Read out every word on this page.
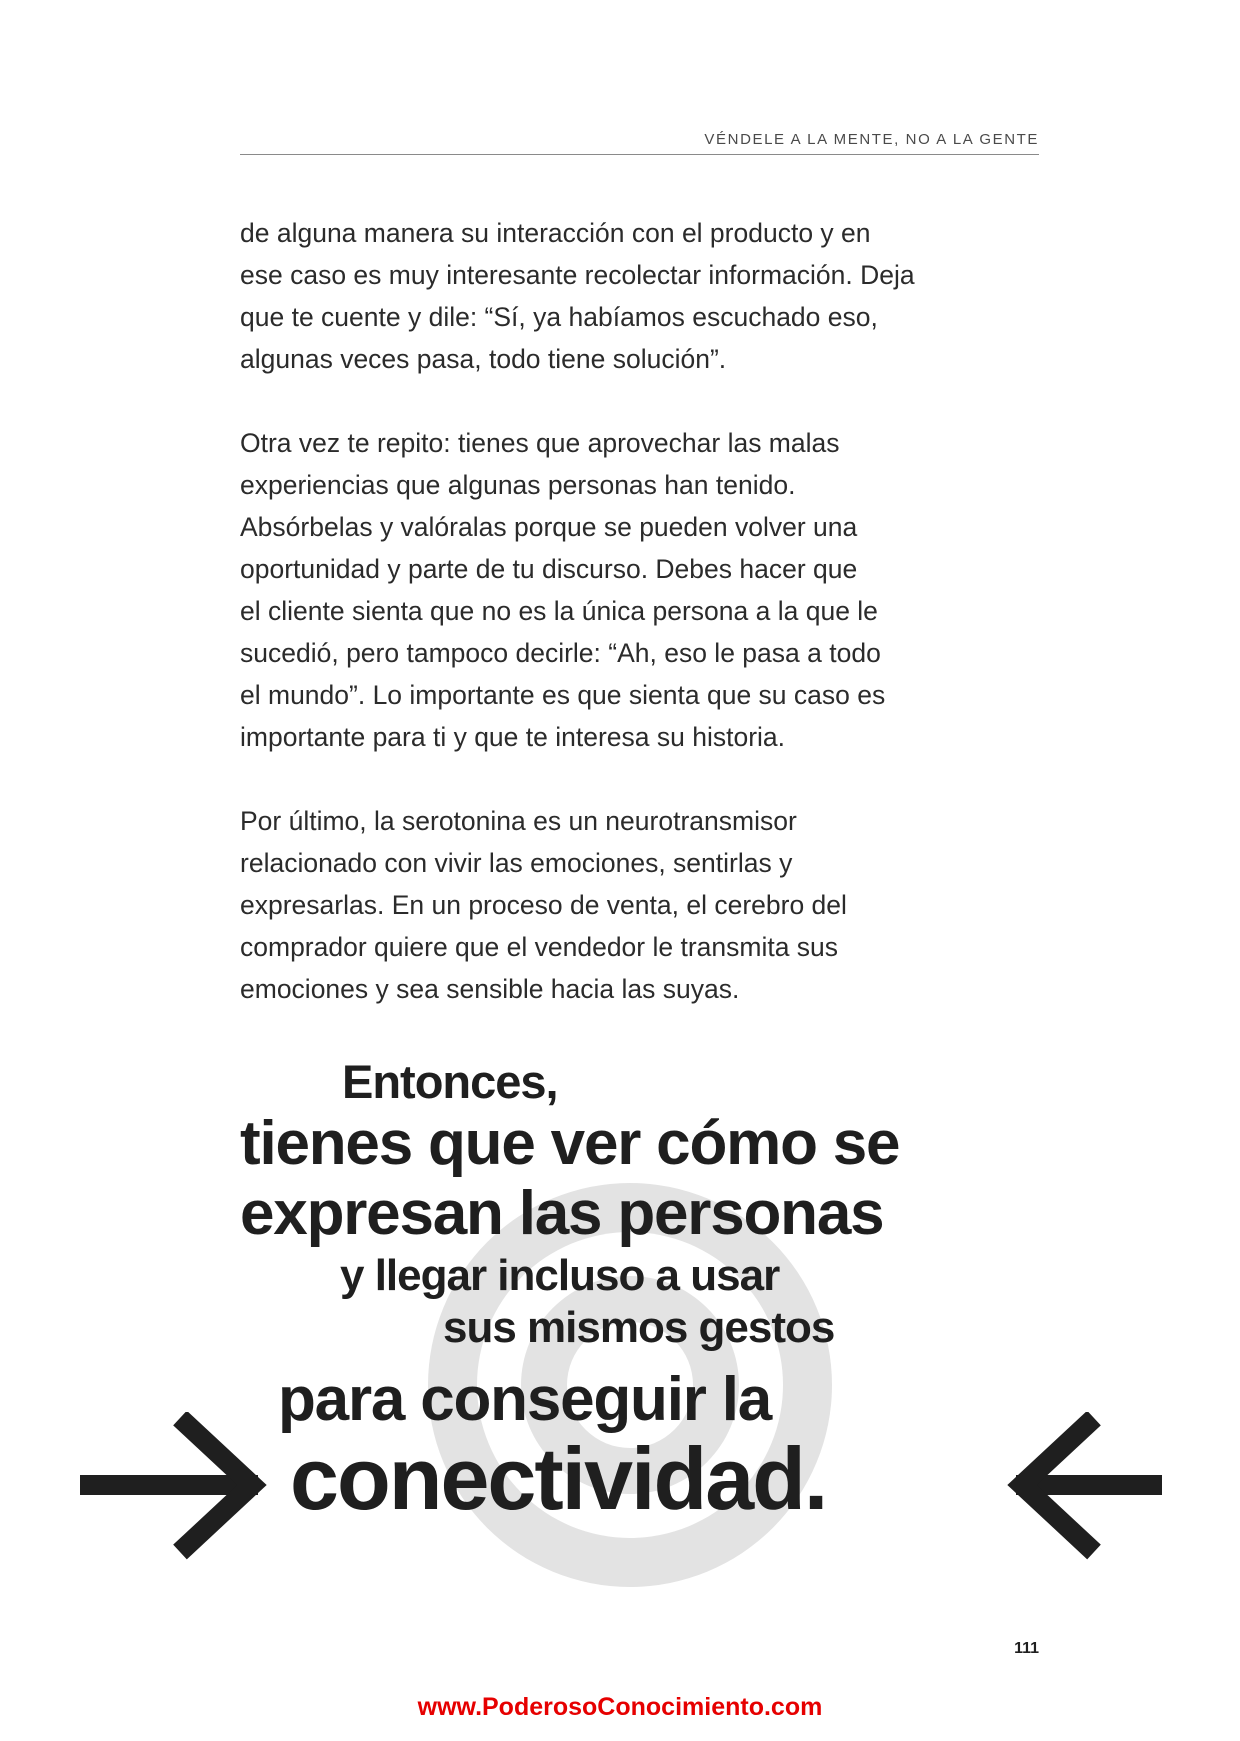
VÉNDELE A LA MENTE, NO A LA GENTE

de alguna manera su interacción con el producto y en
ese caso es muy interesante recolectar información. Deja
que te cuente y dile: “Sí, ya habíamos escuchado eso,
algunas veces pasa, todo tiene solución”.

Otra vez te repito: tienes que aprovechar las malas
experiencias que algunas personas han tenido.
Absórbelas y valóralas porque se pueden volver una
oportunidad y parte de tu discurso. Debes hacer que
el cliente sienta que no es la única persona a la que le
sucedió, pero tampoco decirle: “Ah, eso le pasa a todo
el mundo”. Lo importante es que sienta que su caso es
importante para ti y que te interesa su historia.

Por último, la serotonina es un neurotransmisor
relacionado con vivir las emociones, sentirlas y
expresarlas. En un proceso de venta, el cerebro del
comprador quiere que el vendedor le transmita sus
emociones y sea sensible hacia las suyas.

Entonces,
tienes que ver cómo se
expresan las personas
y llegar incluso a usar
sus mismos gestos
para conseguir la
conectividad.
111
www.PoderosoConocimiento.com
